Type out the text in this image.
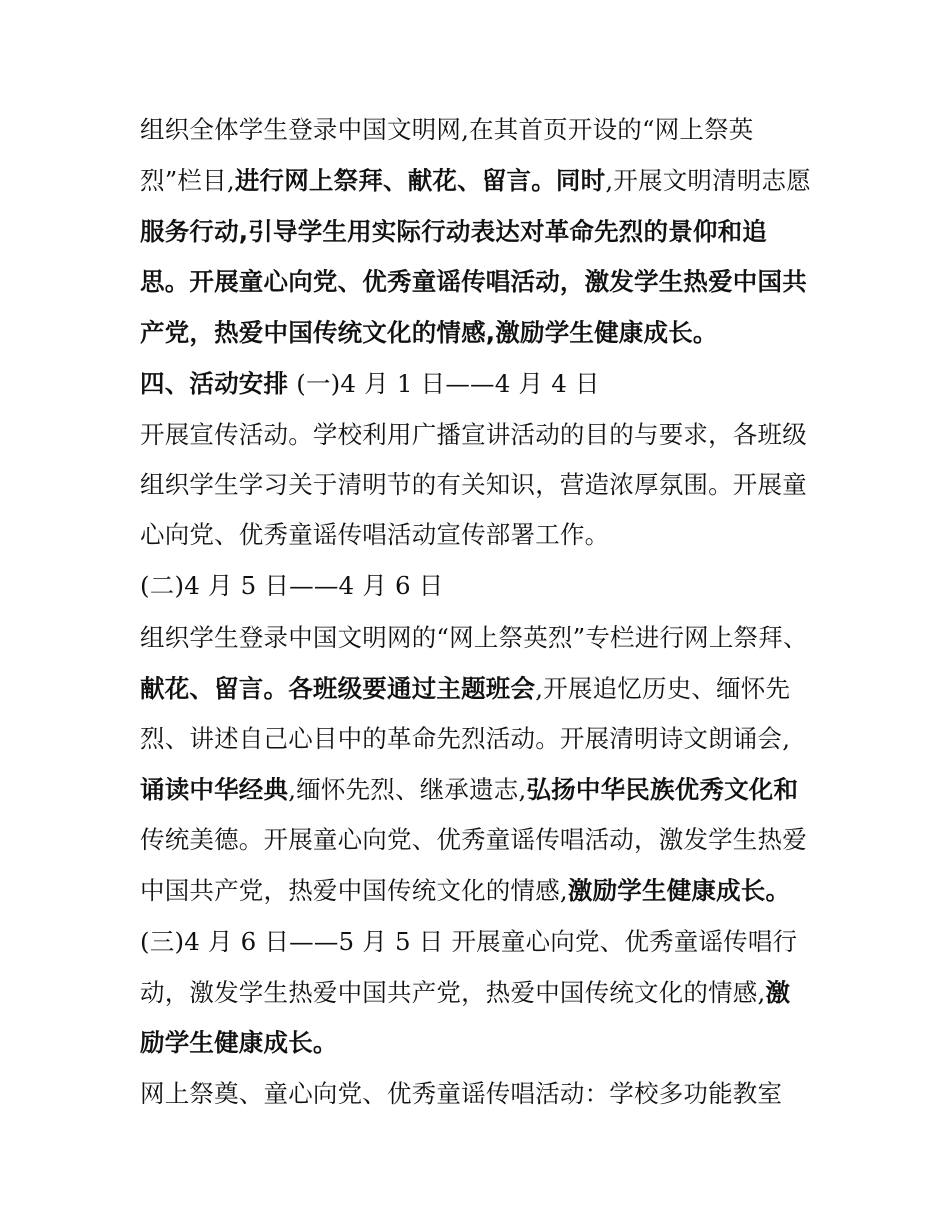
组织全体学生登录中国文明网,在其首页开设的“网上祭英
烈”栏目,进行网上祭拜、献花、留言。同时,开展文明清明志愿
服务行动,引导学生用实际行动表达对革命先烈的景仰和追
思。开展童心向党、优秀童谣传唱活动，激发学生热爱中国共
产党，热爱中国传统文化的情感,激励学生健康成长。
四、活动安排 (一)4 月 1 日——4 月 4 日
开展宣传活动。学校利用广播宣讲活动的目的与要求，各班级
组织学生学习关于清明节的有关知识，营造浓厚氛围。开展童
心向党、优秀童谣传唱活动宣传部署工作。
(二)4 月 5 日——4 月 6 日
组织学生登录中国文明网的“网上祭英烈”专栏进行网上祭拜、
献花、留言。各班级要通过主题班会,开展追忆历史、缅怀先
烈、讲述自己心目中的革命先烈活动。开展清明诗文朗诵会,
诵读中华经典,缅怀先烈、继承遗志,弘扬中华民族优秀文化和
传统美德。开展童心向党、优秀童谣传唱活动，激发学生热爱
中国共产党，热爱中国传统文化的情感,激励学生健康成长。
(三)4 月 6 日——5 月 5 日 开展童心向党、优秀童谣传唱行
动，激发学生热爱中国共产党，热爱中国传统文化的情感,激
励学生健康成长。
网上祭奠、童心向党、优秀童谣传唱活动：学校多功能教室
